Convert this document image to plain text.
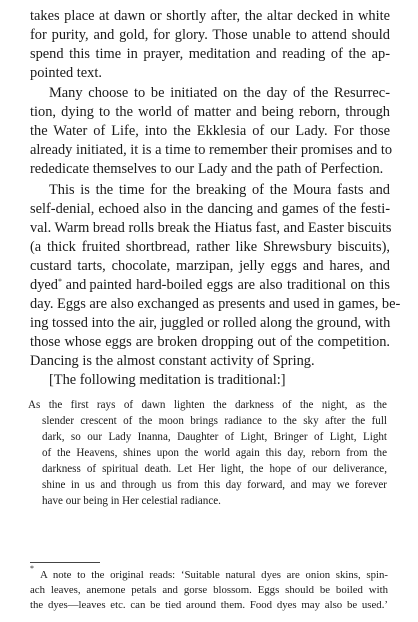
takes place at dawn or shortly after, the altar decked in white
for purity, and gold, for glory. Those unable to attend should
spend this time in prayer, meditation and reading of the ap-
pointed text.
Many choose to be initiated on the day of the Resurrec-
tion, dying to the world of matter and being reborn, through
the Water of Life, into the Ekklesia of our Lady. For those
already initiated, it is a time to remember their promises and to
rededicate themselves to our Lady and the path of Perfection.
This is the time for the breaking of the Moura fasts and
self-denial, echoed also in the dancing and games of the festi-
val. Warm bread rolls break the Hiatus fast, and Easter biscuits
(a thick fruited shortbread, rather like Shrewsbury biscuits),
custard tarts, chocolate, marzipan, jelly eggs and hares, and
dyed* and painted hard-boiled eggs are also traditional on this
day. Eggs are also exchanged as presents and used in games, be-
ing tossed into the air, juggled or rolled along the ground, with
those whose eggs are broken dropping out of the competition.
Dancing is the almost constant activity of Spring.
[The following meditation is traditional:]
As the first rays of dawn lighten the darkness of the night, as the
slender crescent of the moon brings radiance to the sky after the full
dark, so our Lady Inanna, Daughter of Light, Bringer of Light, Light
of the Heavens, shines upon the world again this day, reborn from the
darkness of spiritual death. Let Her light, the hope of our deliverance,
shine in us and through us from this day forward, and may we forever
have our being in Her celestial radiance.
*
A note to the original reads: ‘Suitable natural dyes are onion skins, spin-
ach leaves, anemone petals and gorse blossom. Eggs should be boiled with
the dyes—leaves etc. can be tied around them. Food dyes may also be used.’
